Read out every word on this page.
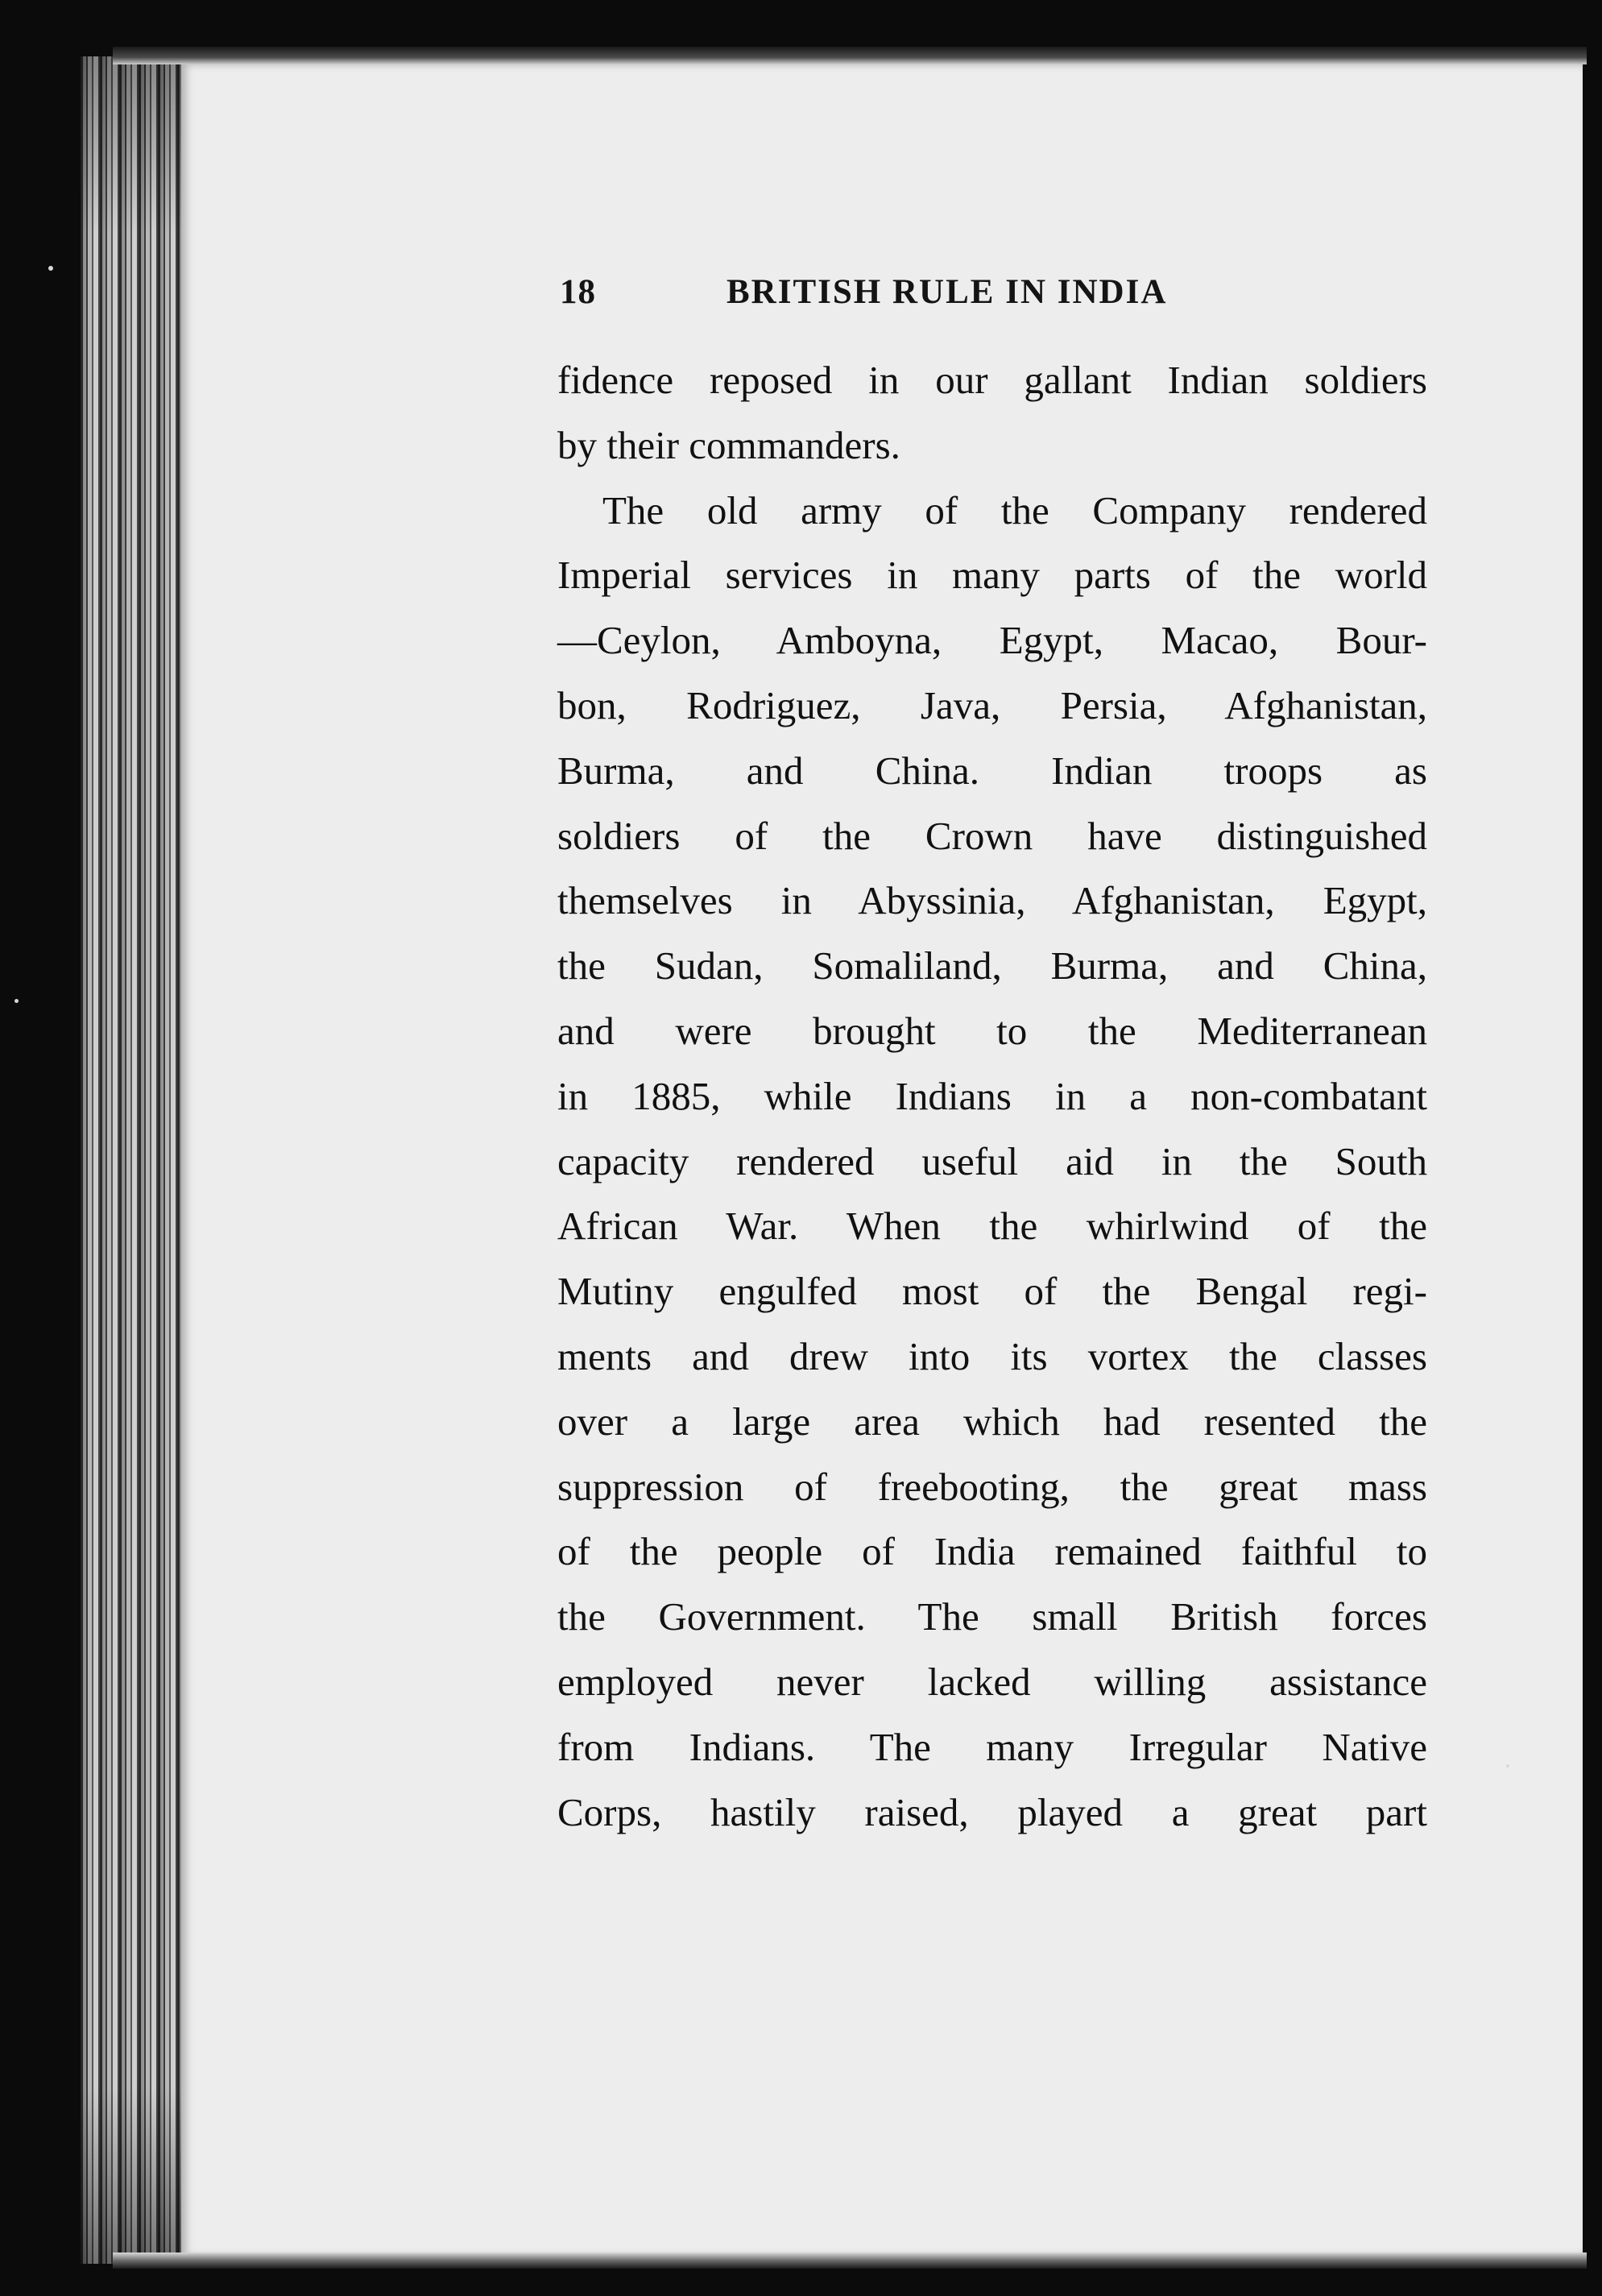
18	BRITISH RULE IN INDIA
fidence reposed in our gallant Indian soldiers
by their commanders.
The old army of the Company rendered
Imperial services in many parts of the world
—Ceylon, Amboyna, Egypt, Macao, Bour-
bon, Rodriguez, Java, Persia, Afghanistan,
Burma, and China. Indian troops as
soldiers of the Crown have distinguished
themselves in Abyssinia, Afghanistan, Egypt,
the Sudan, Somaliland, Burma, and China,
and were brought to the Mediterranean
in 1885, while Indians in a non-combatant
capacity rendered useful aid in the South
African War. When the whirlwind of the
Mutiny engulfed most of the Bengal regi-
ments and drew into its vortex the classes
over a large area which had resented the
suppression of freebooting, the great mass
of the people of India remained faithful to
the Government. The small British forces
employed never lacked willing assistance
from Indians. The many Irregular Native
Corps, hastily raised, played a great part
